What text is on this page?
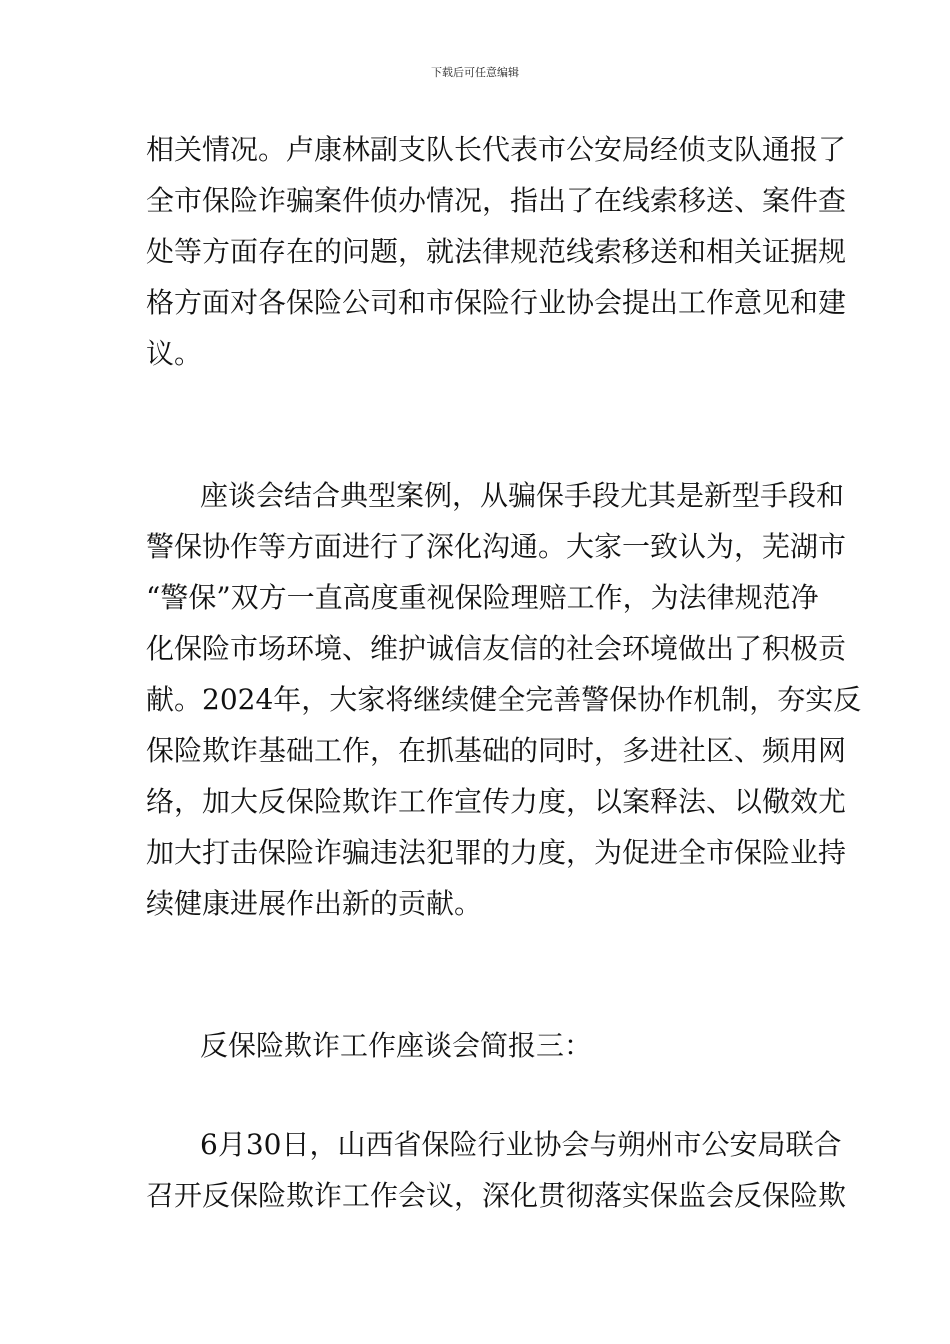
下载后可任意编辑
相关情况。卢康林副支队长代表市公安局经侦支队通报了
全市保险诈骗案件侦办情况，指出了在线索移送、案件查
处等方面存在的问题，就法律规范线索移送和相关证据规
格方面对各保险公司和市保险行业协会提出工作意见和建
议。
座谈会结合典型案例，从骗保手段尤其是新型手段和
警保协作等方面进行了深化沟通。大家一致认为，芜湖市
“警保”双方一直高度重视保险理赔工作，为法律规范净
化保险市场环境、维护诚信友信的社会环境做出了积极贡
献。2024年，大家将继续健全完善警保协作机制，夯实反
保险欺诈基础工作，在抓基础的同时，多进社区、频用网
络，加大反保险欺诈工作宣传力度，以案释法、以儆效尤
加大打击保险诈骗违法犯罪的力度，为促进全市保险业持
续健康进展作出新的贡献。
反保险欺诈工作座谈会简报三：
6月30日，山西省保险行业协会与朔州市公安局联合
召开反保险欺诈工作会议，深化贯彻落实保监会反保险欺
